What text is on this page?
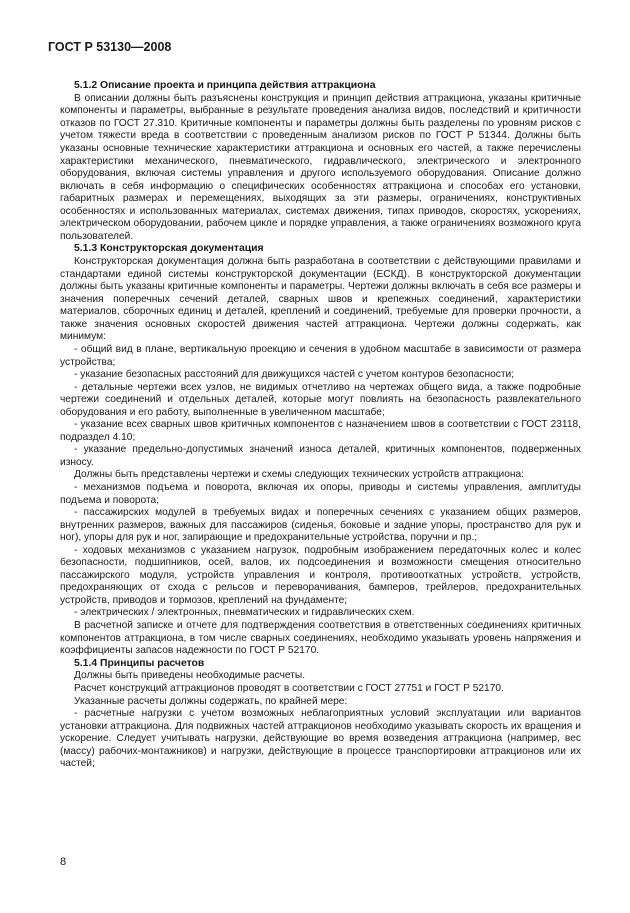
ГОСТ Р 53130—2008
5.1.2 Описание проекта и принципа действия аттракциона

В описании должны быть разъяснены конструкция и принцип действия аттракциона, указаны критичные компоненты и параметры, выбранные в результате проведения анализа видов, последствий и критичности отказов по ГОСТ 27.310. Критичные компоненты и параметры должны быть разделены по уровням рисков с учетом тяжести вреда в соответствии с проведенным анализом рисков по ГОСТ Р 51344. Должны быть указаны основные технические характеристики аттракциона и основных его частей, а также перечислены характеристики механического, пневматического, гидравлического, электрического и электронного оборудования, включая системы управления и другого используемого оборудования. Описание должно включать в себя информацию о специфических особенностях аттракциона и способах его установки, габаритных размерах и перемещениях, выходящих за эти размеры, ограничениях, конструктивных особенностях и использованных материалах, системах движения, типах приводов, скоростях, ускорениях, электрическом оборудовании, рабочем цикле и порядке управления, а также ограничениях возможного круга пользователей.

5.1.3 Конструкторская документация

Конструкторская документация должна быть разработана в соответствии с действующими правилами и стандартами единой системы конструкторской документации (ЕСКД). В конструкторской документации должны быть указаны критичные компоненты и параметры. Чертежи должны включать в себя все размеры и значения поперечных сечений деталей, сварных швов и крепежных соединений, характеристики материалов, сборочных единиц и деталей, креплений и соединений, требуемые для проверки прочности, а также значения основных скоростей движения частей аттракциона. Чертежи должны содержать, как минимум:

- общий вид в плане, вертикальную проекцию и сечения в удобном масштабе в зависимости от размера устройства;

- указание безопасных расстояний для движущихся частей с учетом контуров безопасности;

- детальные чертежи всех узлов, не видимых отчетливо на чертежах общего вида, а также подробные чертежи соединений и отдельных деталей, которые могут повлиять на безопасность развлекательного оборудования и его работу, выполненные в увеличенном масштабе;

- указание всех сварных швов критичных компонентов с назначением швов в соответствии с ГОСТ 23118, подраздел 4.10;

- указание предельно-допустимых значений износа деталей, критичных компонентов, подверженных износу.

Должны быть представлены чертежи и схемы следующих технических устройств аттракциона:

- механизмов подъема и поворота, включая их опоры, приводы и системы управления, амплитуды подъема и поворота;

- пассажирских модулей в требуемых видах и поперечных сечениях с указанием общих размеров, внутренних размеров, важных для пассажиров (сиденья, боковые и задние упоры, пространство для рук и ног), упоры для рук и ног, запирающие и предохранительные устройства, поручни и пр.;

- ходовых механизмов с указанием нагрузок, подробным изображением передаточных колес и колес безопасности, подшипников, осей, валов, их подсоединения и возможности смещения относительно пассажирского модуля, устройств управления и контроля, противооткатных устройств, устройств, предохраняющих от схода с рельсов и переворачивания, бамперов, трейлеров, предохранительных устройств, приводов и тормозов, креплений на фундаменте;

- электрических / электронных, пневматических и гидравлических схем.

В расчетной записке и отчете для подтверждения соответствия в ответственных соединениях критичных компонентов аттракциона, в том числе сварных соединениях, необходимо указывать уровень напряжения и коэффициенты запасов надежности по ГОСТ Р 52170.

5.1.4 Принципы расчетов

Должны быть приведены необходимые расчеты.

Расчет конструкций аттракционов проводят в соответствии с ГОСТ 27751 и ГОСТ Р 52170.

Указанные расчеты должны содержать, по крайней мере:

- расчетные нагрузки с учетом возможных неблагоприятных условий эксплуатации или вариантов установки аттракциона. Для подвижных частей аттракционов необходимо указывать скорость их вращения и ускорение. Следует учитывать нагрузки, действующие во время возведения аттракциона (например, вес (массу) рабочих-монтажников) и нагрузки, действующие в процессе транспортировки аттракционов или их частей;

8
